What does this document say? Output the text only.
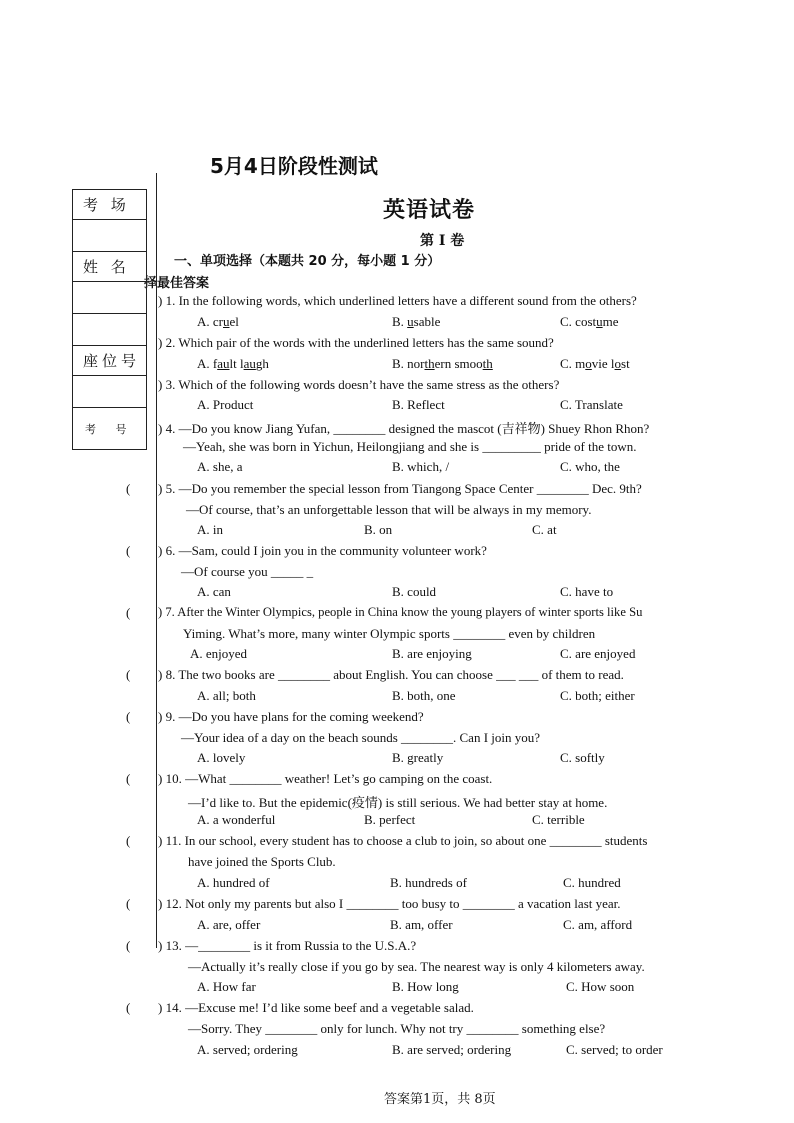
5月4日阶段性测试
英语试卷
第 I 卷
一、单项选择（本题共 20 分，每小题 1 分）
择最佳答案
考 场
姓 名
座位号
考 号
) 1. In the following words, which underlined letters have a different sound from the others?
A. cruel	B. usable	C. costume
) 2. Which pair of the words with the underlined letters has the same sound?
A. fault laugh	B. northern smooth	C. movie lost
) 3. Which of the following words doesn’t have the same stress as the others?
A. Product	B. Reflect	C. Translate
) 4. —Do you know Jiang Yufan, ________ designed the mascot (吉祥物) Shuey Rhon Rhon?
—Yeah, she was born in Yichun, Heilongjiang and she is _________ pride of the town.
A. she, a	B. which, /	C. who, the
( ) 5. —Do you remember the special lesson from Tiangong Space Center ________ Dec. 9th?
—Of course, that’s an unforgettable lesson that will be always in my memory.
A. in	B. on	C. at
( ) 6. —Sam, could I join you in the community volunteer work?
—Of course you _____ _
A. can	B. could	C. have to
( ) 7. After the Winter Olympics, people in China know the young players of winter sports like Su
Yiming. What’s more, many winter Olympic sports ________ even by children
A. enjoyed	B. are enjoying	C. are enjoyed
( ) 8. The two books are ________ about English. You can choose ___ ___ of them to read.
A. all; both	B. both, one	C. both; either
( ) 9. —Do you have plans for the coming weekend?
—Your idea of a day on the beach sounds ________. Can I join you?
A. lovely	B. greatly	C. softly
( ) 10. —What ________ weather! Let’s go camping on the coast.
—I’d like to. But the epidemic(疫情) is still serious. We had better stay at home.
A. a wonderful	B. perfect	C. terrible
( ) 11. In our school, every student has to choose a club to join, so about one ________ students
have joined the Sports Club.
A. hundred of	B. hundreds of	C. hundred
( ) 12. Not only my parents but also I ________ too busy to ________ a vacation last year.
A. are, offer	B. am, offer	C. am, afford
( ) 13. —________ is it from Russia to the U.S.A.?
—Actually it’s really close if you go by sea. The nearest way is only 4 kilometers away.
A. How far	B. How long	C. How soon
( ) 14. —Excuse me! I’d like some beef and a vegetable salad.
—Sorry. They ________ only for lunch. Why not try ________ something else?
A. served; ordering	B. are served; ordering	C. served; to order
答案第1页，共 8页
